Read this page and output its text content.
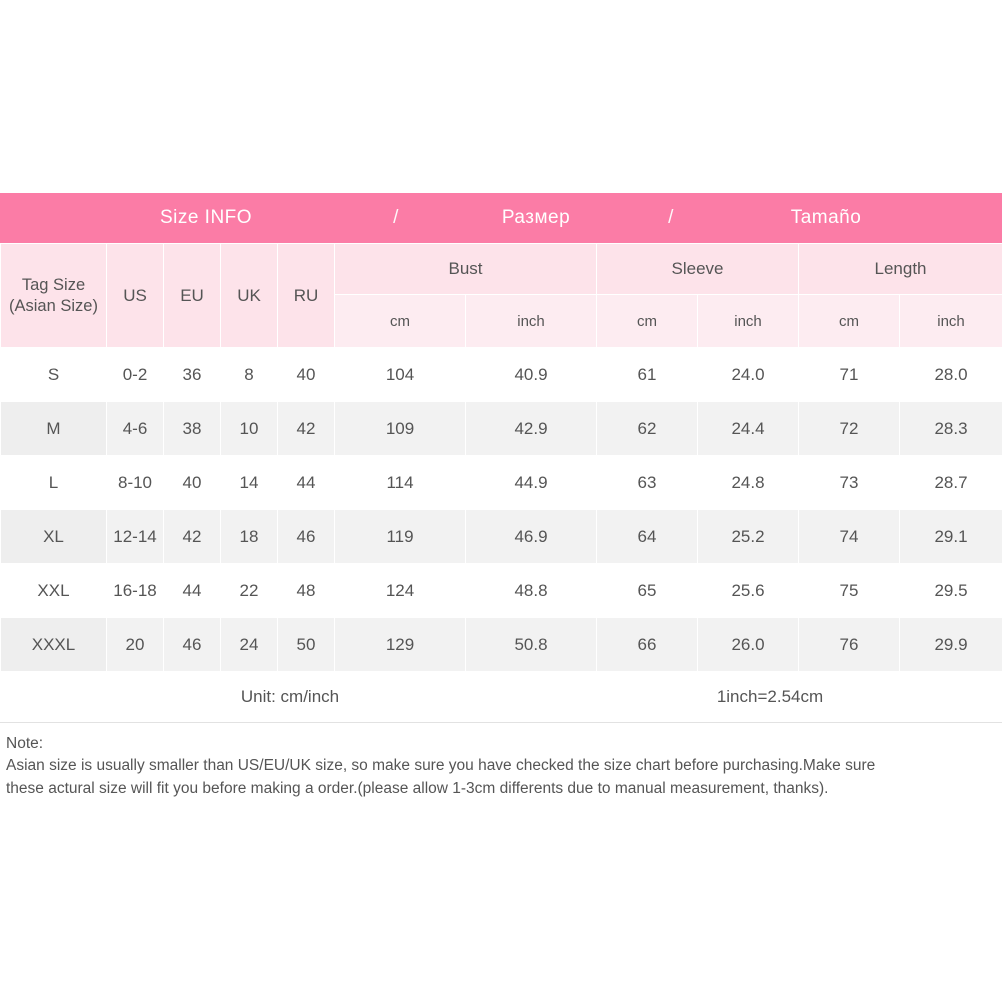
Size INFO	/	Размер	/	Tamaño
Tag Size (Asian Size)	US	EU	UK	RU	Bust		Sleeve		Length	
					cm	inch	cm	inch	cm	inch
S	0-2	36	8	40	104	40.9	61	24.0	71	28.0
M	4-6	38	10	42	109	42.9	62	24.4	72	28.3
L	8-10	40	14	44	114	44.9	63	24.8	73	28.7
XL	12-14	42	18	46	119	46.9	64	25.2	74	29.1
XXL	16-18	44	22	48	124	48.8	65	25.6	75	29.5
XXXL	20	46	24	50	129	50.8	66	26.0	76	29.9
Unit: cm/inch	1inch=2.54cm
Note:
Asian size is usually smaller than US/EU/UK size, so make sure you have checked the size chart before purchasing.Make sure
these actural size will fit you before making a order.(please allow 1-3cm differents due to manual measurement, thanks).
